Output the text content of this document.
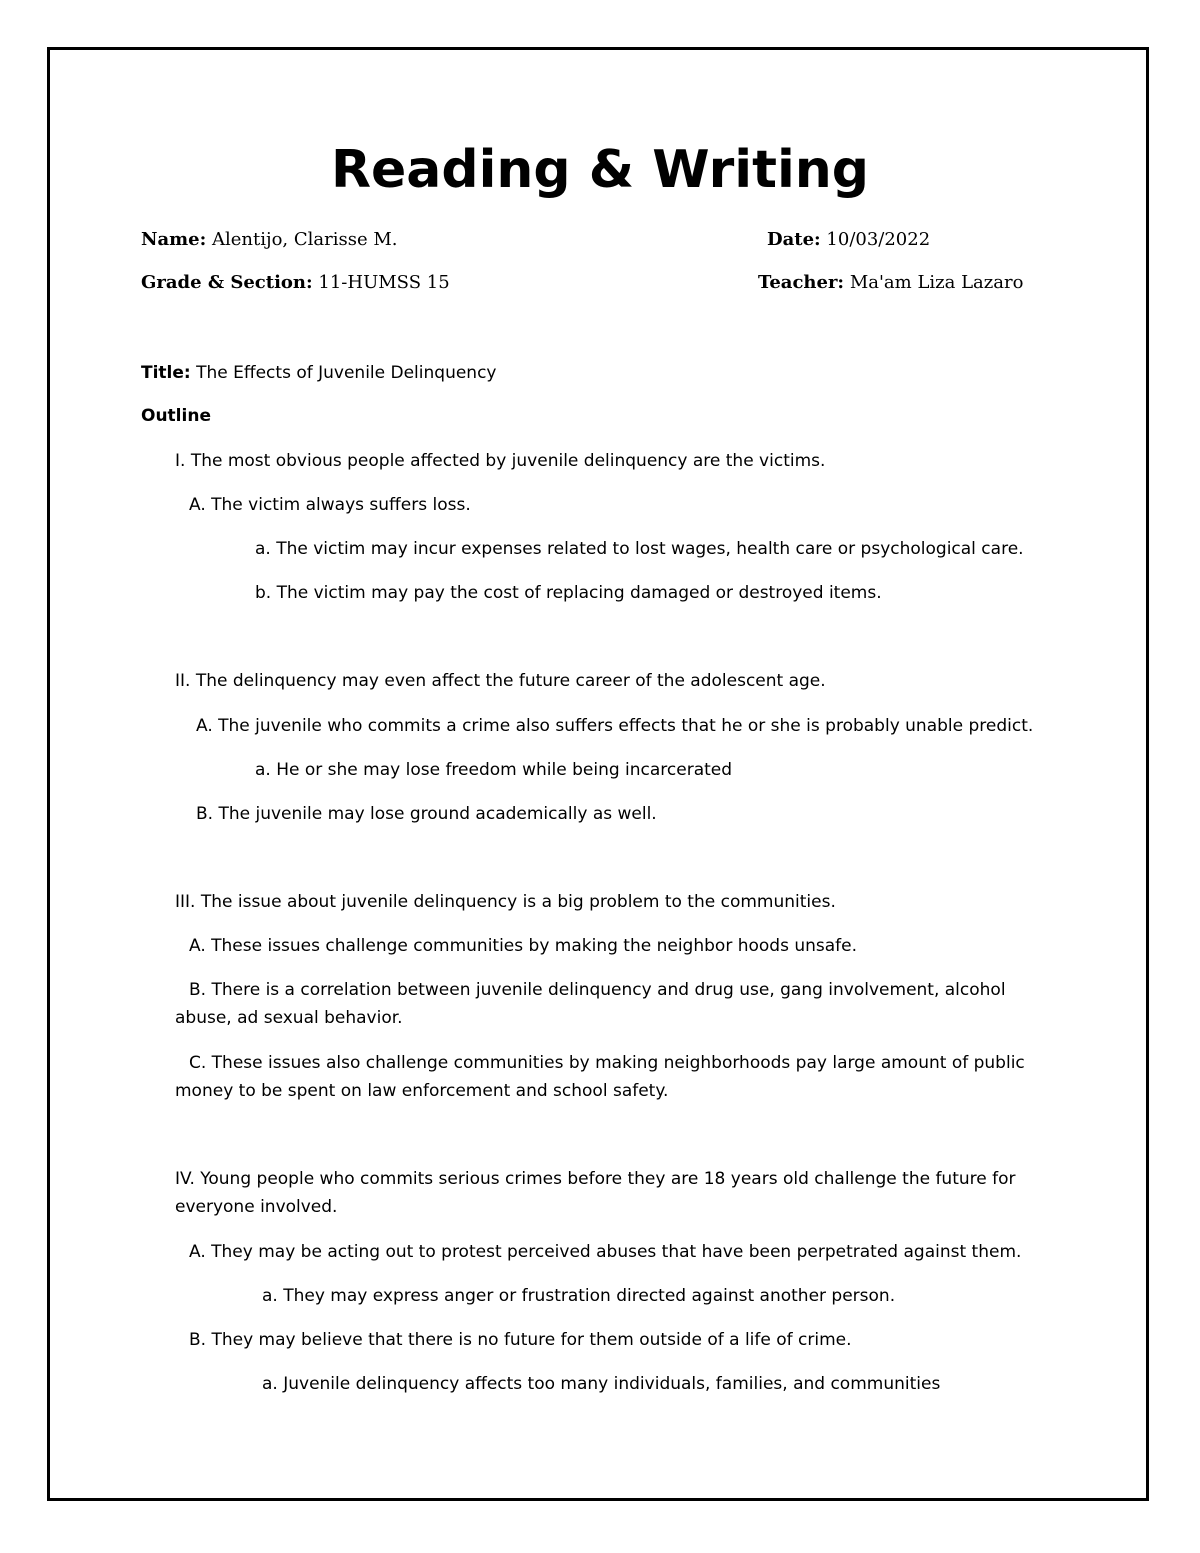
Reading & Writing
Name: Alentijo, Clarisse M.	Date: 10/03/2022
Grade & Section: 11-HUMSS 15	Teacher: Ma'am Liza Lazaro
Title: The Effects of Juvenile Delinquency
Outline
I. The most obvious people affected by juvenile delinquency are the victims.
A. The victim always suffers loss.
a. The victim may incur expenses related to lost wages, health care or psychological care.
b. The victim may pay the cost of replacing damaged or destroyed items.
II. The delinquency may even affect the future career of the adolescent age.
A. The juvenile who commits a crime also suffers effects that he or she is probably unable predict.
a. He or she may lose freedom while being incarcerated
B. The juvenile may lose ground academically as well.
III. The issue about juvenile delinquency is a big problem to the communities.
A. These issues challenge communities by making the neighbor hoods unsafe.
B. There is a correlation between juvenile delinquency and drug use, gang involvement, alcohol
abuse, ad sexual behavior.
C. These issues also challenge communities by making neighborhoods pay large amount of public
money to be spent on law enforcement and school safety.
IV. Young people who commits serious crimes before they are 18 years old challenge the future for
everyone involved.
A. They may be acting out to protest perceived abuses that have been perpetrated against them.
a. They may express anger or frustration directed against another person.
B. They may believe that there is no future for them outside of a life of crime.
a. Juvenile delinquency affects too many individuals, families, and communities
